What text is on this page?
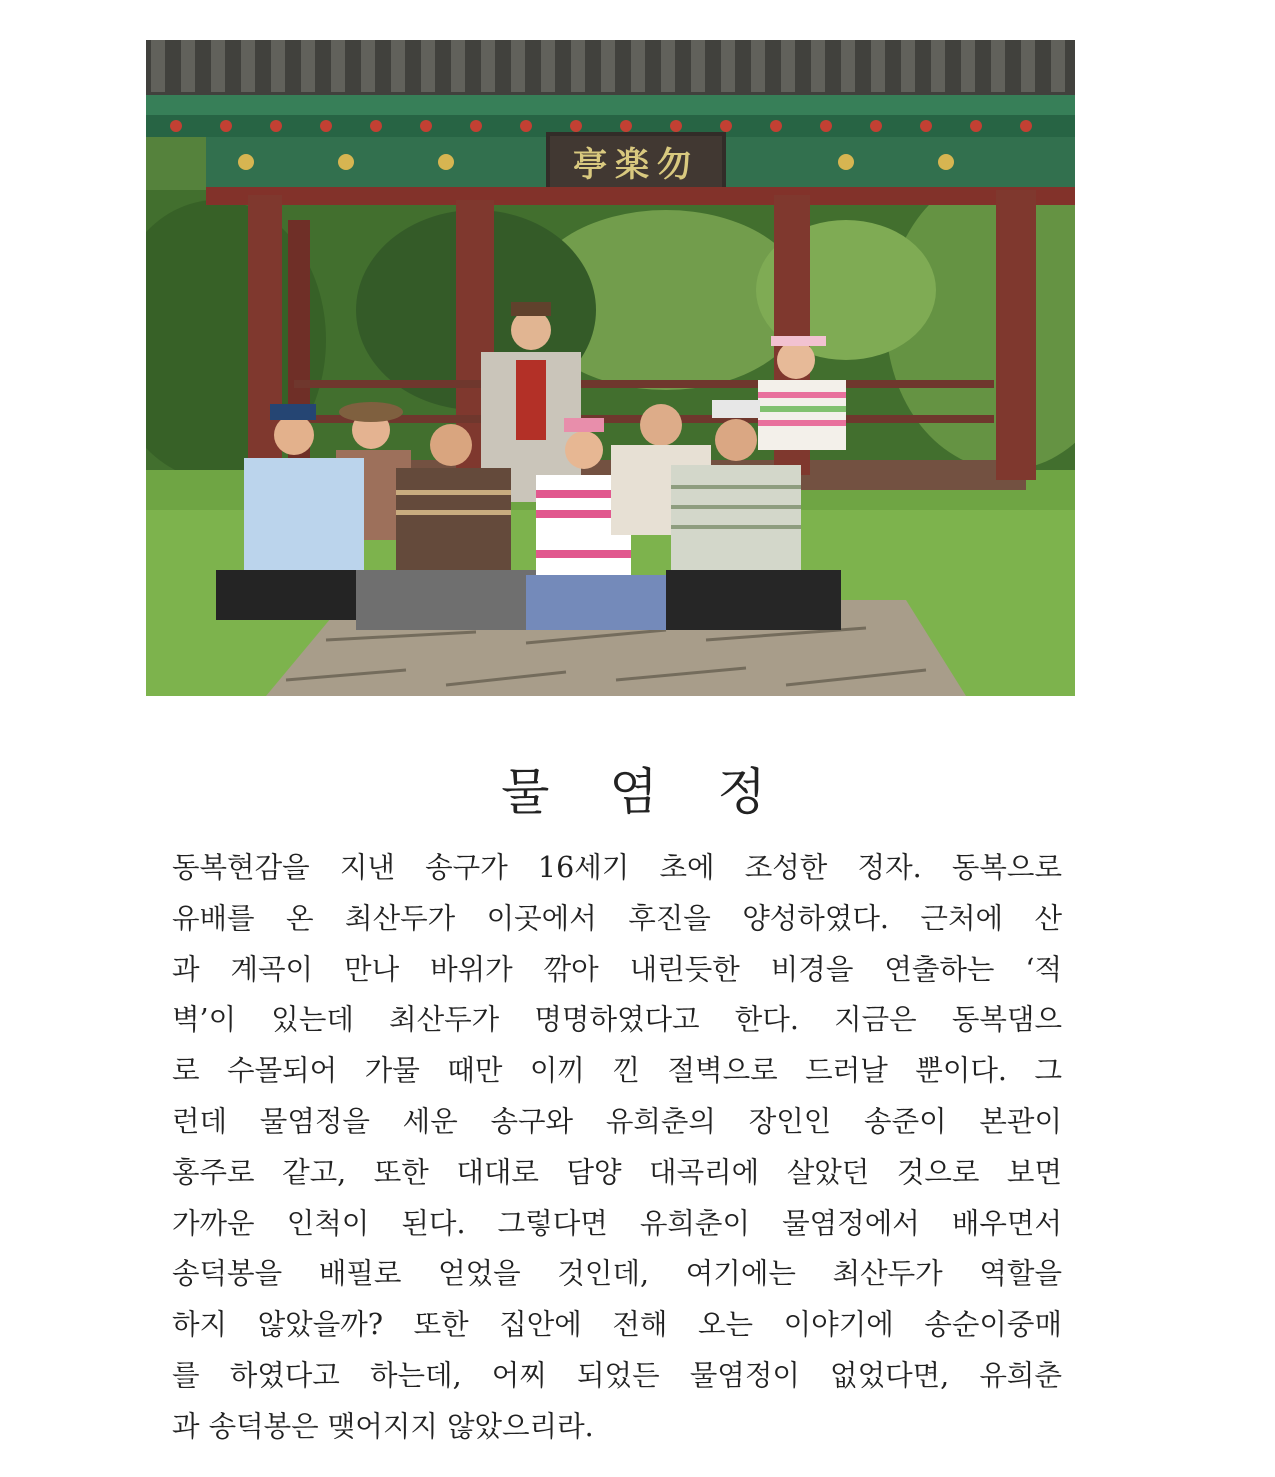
亭楽勿
LIBERATE
CLUB MIX
물 염 정
동복현감을 지낸 송구가 16세기 초에 조성한 정자. 동복으로
유배를 온 최산두가 이곳에서 후진을 양성하였다. 근처에 산
과 계곡이 만나 바위가 깎아 내린듯한 비경을 연출하는 ‘적
벽’이 있는데 최산두가 명명하였다고 한다. 지금은 동복댐으
로 수몰되어 가물 때만 이끼 낀 절벽으로 드러날 뿐이다. 그
런데 물염정을 세운 송구와 유희춘의 장인인 송준이 본관이
홍주로 같고, 또한 대대로 담양 대곡리에 살았던 것으로 보면
가까운 인척이 된다. 그렇다면 유희춘이 물염정에서 배우면서
송덕봉을 배필로 얻었을 것인데, 여기에는 최산두가 역할을
하지 않았을까? 또한 집안에 전해 오는 이야기에 송순이중매
를 하였다고 하는데, 어찌 되었든 물염정이 없었다면, 유희춘
과 송덕봉은 맺어지지 않았으리라.
